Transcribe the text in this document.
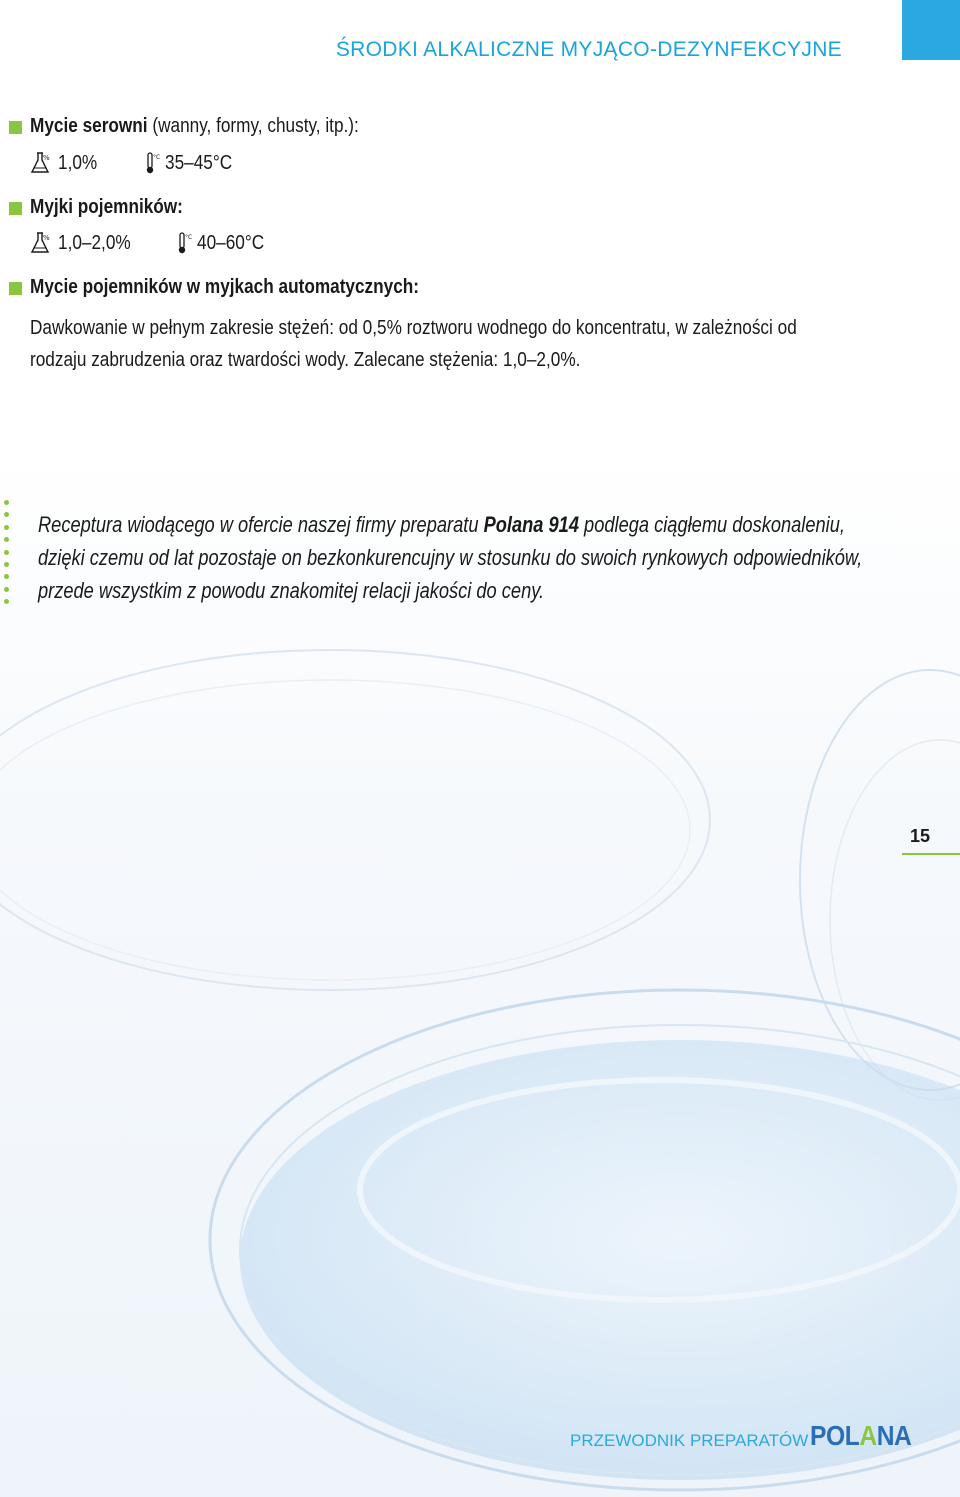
ŚRODKI ALKALICZNE MYJĄCO-DEZYNFEKCYJNE
Mycie serowni (wanny, formy, chusty, itp.):
% 1,0%	°C 35–45°C
Myjki pojemników:
% 1,0–2,0%	°C 40–60°C
Mycie pojemników w myjkach automatycznych:
Dawkowanie w pełnym zakresie stężeń: od 0,5% roztworu wodnego do koncentratu, w zależności od
rodzaju zabrudzenia oraz twardości wody. Zalecane stężenia: 1,0–2,0%.
Receptura wiodącego w ofercie naszej firmy preparatu Polana 914 podlega ciągłemu doskonaleniu, dzięki czemu od lat pozostaje on bezkonkurencujny w stosunku do swoich rynkowych odpowiedników, przede wszystkim z powodu znakomitej relacji jakości do ceny.
15
PRZEWODNIK PREPARATÓW POLANA
